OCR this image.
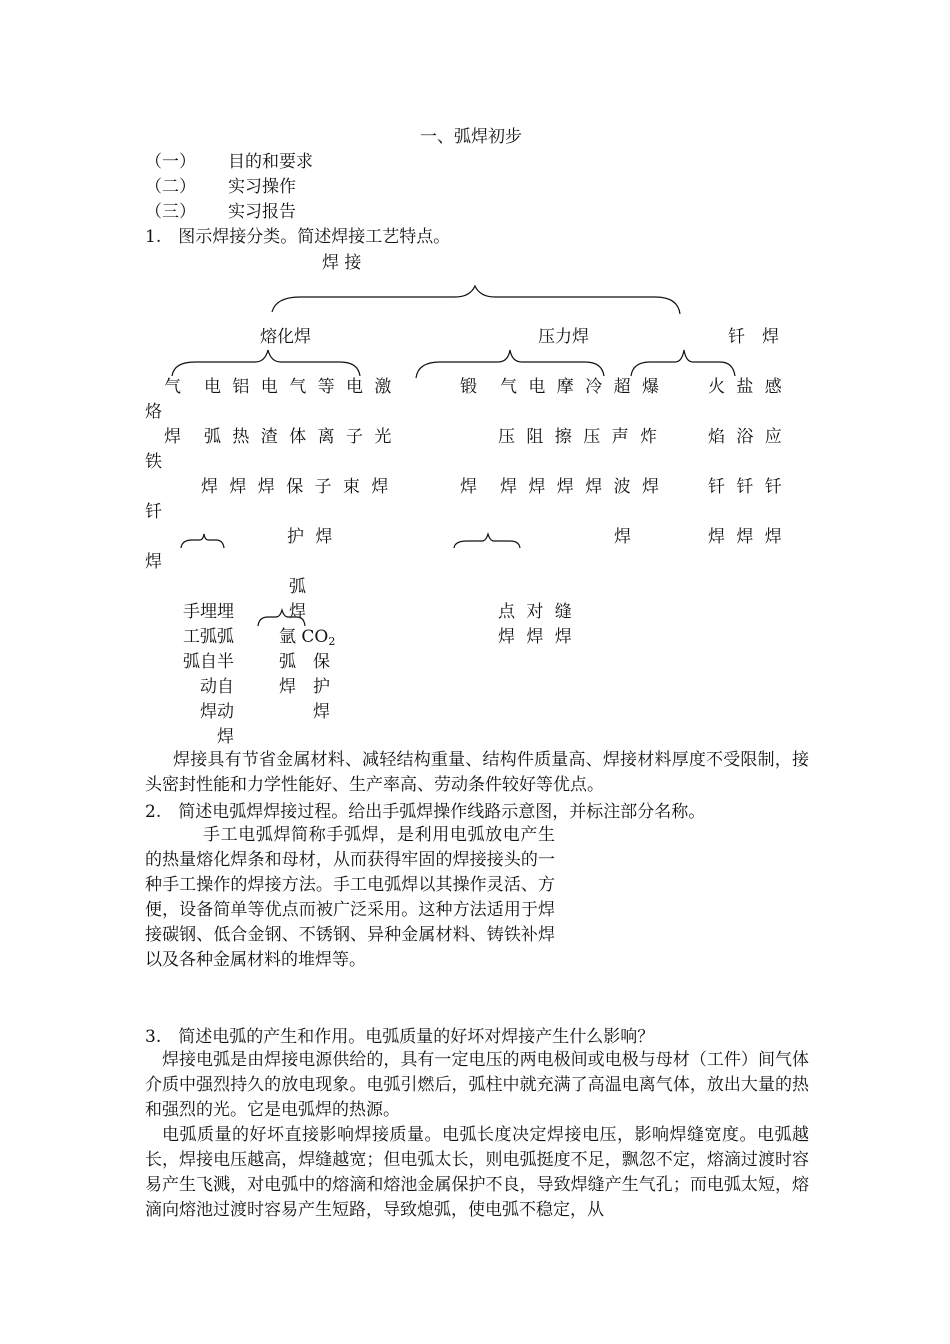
一、弧焊初步
（一） 目的和要求
（二） 实习操作
（三） 实习报告
1.　图示焊接分类。简述焊接工艺特点。
焊 接
熔化焊	压力焊	钎　焊
气　电 铝 电 气 等 电 激	锻　气 电 摩 冷 超 爆	火 盐 感
烙
焊　弧 热 渣 体 离 子 光	压 阻 擦 压 声 炸	焰 浴 应
铁
焊 焊 焊 保 子 束 焊	焊　焊 焊 焊 焊 波 焊	钎 钎 钎
钎
护 焊	焊	焊 焊 焊
焊
手埋埋
工弧弧
弧自半
　动自
　焊动
　　焊
弧
焊
氩 CO2
弧　保
焊　护
　　焊
点 对 缝
焊 焊 焊
焊接具有节省金属材料、减轻结构重量、结构件质量高、焊接材料厚度不受限制，接头密封性能和力学性能好、生产率高、劳动条件较好等优点。
2.　简述电弧焊焊接过程。给出手弧焊操作线路示意图，并标注部分名称。
手工电弧焊简称手弧焊，是利用电弧放电产生的热量熔化焊条和母材，从而获得牢固的焊接接头的一种手工操作的焊接方法。手工电弧焊以其操作灵活、方便，设备简单等优点而被广泛采用。这种方法适用于焊接碳钢、低合金钢、不锈钢、异种金属材料、铸铁补焊以及各种金属材料的堆焊等。
3.　简述电弧的产生和作用。电弧质量的好坏对焊接产生什么影响？
焊接电弧是由焊接电源供给的，具有一定电压的两电极间或电极与母材（工件）间气体介质中强烈持久的放电现象。电弧引燃后，弧柱中就充满了高温电离气体，放出大量的热和强烈的光。它是电弧焊的热源。
电弧质量的好坏直接影响焊接质量。电弧长度决定焊接电压，影响焊缝宽度。电弧越长，焊接电压越高，焊缝越宽；但电弧太长，则电弧挺度不足，飘忽不定，熔滴过渡时容易产生飞溅，对电弧中的熔滴和熔池金属保护不良，导致焊缝产生气孔；而电弧太短，熔滴向熔池过渡时容易产生短路，导致熄弧，使电弧不稳定，从
